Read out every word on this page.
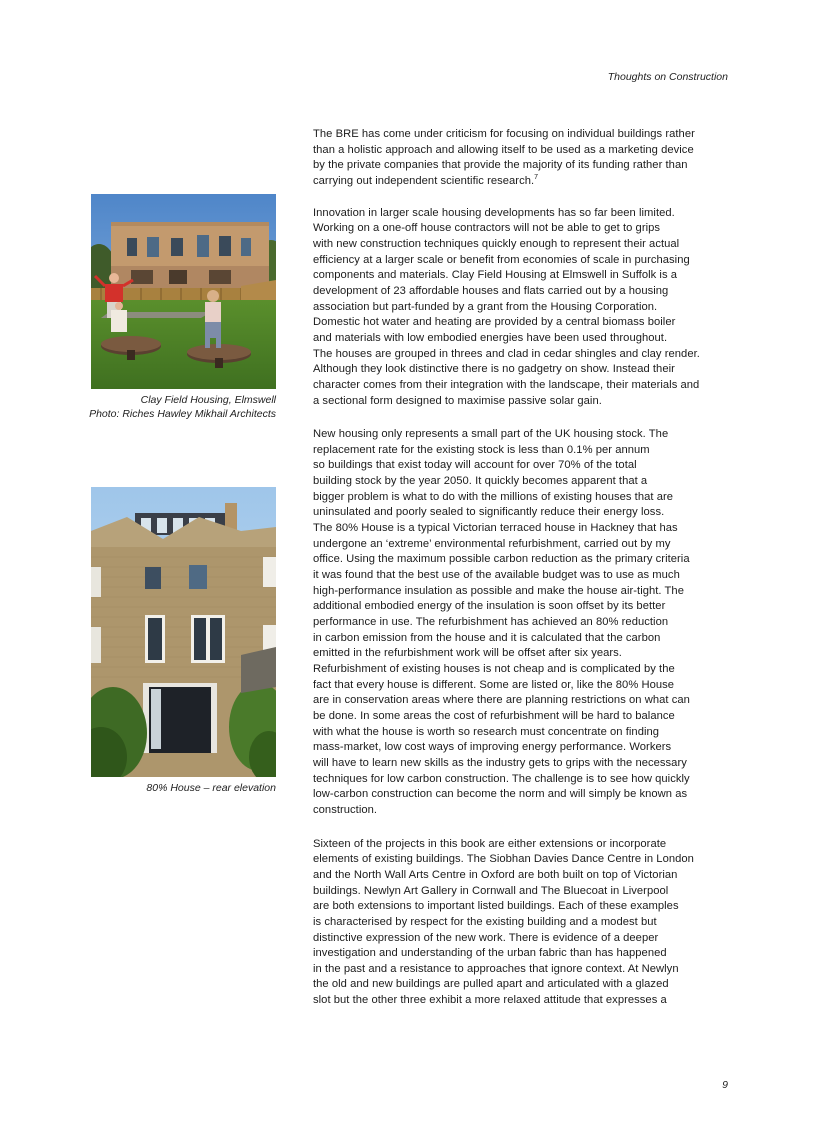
Thoughts on Construction
Clay Field Housing, Elmswell
Photo: Riches Hawley Mikhail Architects
80% House – rear elevation

The BRE has come under criticism for focusing on individual buildings rather
than a holistic approach and allowing itself to be used as a marketing device
by the private companies that provide the majority of its funding rather than
carrying out independent scientific research.$^7$

Innovation in larger scale housing developments has so far been limited.
Working on a one-off house contractors will not be able to get to grips
with new construction techniques quickly enough to represent their actual
efficiency at a larger scale or benefit from economies of scale in purchasing
components and materials. Clay Field Housing at Elmswell in Suffolk is a
development of 23 affordable houses and flats carried out by a housing
association but part-funded by a grant from the Housing Corporation.
Domestic hot water and heating are provided by a central biomass boiler
and materials with low embodied energies have been used throughout.
The houses are grouped in threes and clad in cedar shingles and clay render.
Although they look distinctive there is no gadgetry on show. Instead their
character comes from their integration with the landscape, their materials and
a sectional form designed to maximise passive solar gain.

New housing only represents a small part of the UK housing stock. The
replacement rate for the existing stock is less than 0.1% per annum
so buildings that exist today will account for over 70% of the total
building stock by the year 2050. It quickly becomes apparent that a
bigger problem is what to do with the millions of existing houses that are
uninsulated and poorly sealed to significantly reduce their energy loss.
The 80% House is a typical Victorian terraced house in Hackney that has
undergone an ‘extreme’ environmental refurbishment, carried out by my
office. Using the maximum possible carbon reduction as the primary criteria
it was found that the best use of the available budget was to use as much
high-performance insulation as possible and make the house air-tight. The
additional embodied energy of the insulation is soon offset by its better
performance in use. The refurbishment has achieved an 80% reduction
in carbon emission from the house and it is calculated that the carbon
emitted in the refurbishment work will be offset after six years.
Refurbishment of existing houses is not cheap and is complicated by the
fact that every house is different. Some are listed or, like the 80% House
are in conservation areas where there are planning restrictions on what can
be done. In some areas the cost of refurbishment will be hard to balance
with what the house is worth so research must concentrate on finding
mass-market, low cost ways of improving energy performance. Workers
will have to learn new skills as the industry gets to grips with the necessary
techniques for low carbon construction. The challenge is to see how quickly
low-carbon construction can become the norm and will simply be known as
construction.

Sixteen of the projects in this book are either extensions or incorporate
elements of existing buildings. The Siobhan Davies Dance Centre in London
and the North Wall Arts Centre in Oxford are both built on top of Victorian
buildings. Newlyn Art Gallery in Cornwall and The Bluecoat in Liverpool
are both extensions to important listed buildings. Each of these examples
is characterised by respect for the existing building and a modest but
distinctive expression of the new work. There is evidence of a deeper
investigation and understanding of the urban fabric than has happened
in the past and a resistance to approaches that ignore context. At Newlyn
the old and new buildings are pulled apart and articulated with a glazed
slot but the other three exhibit a more relaxed attitude that expresses a

9
